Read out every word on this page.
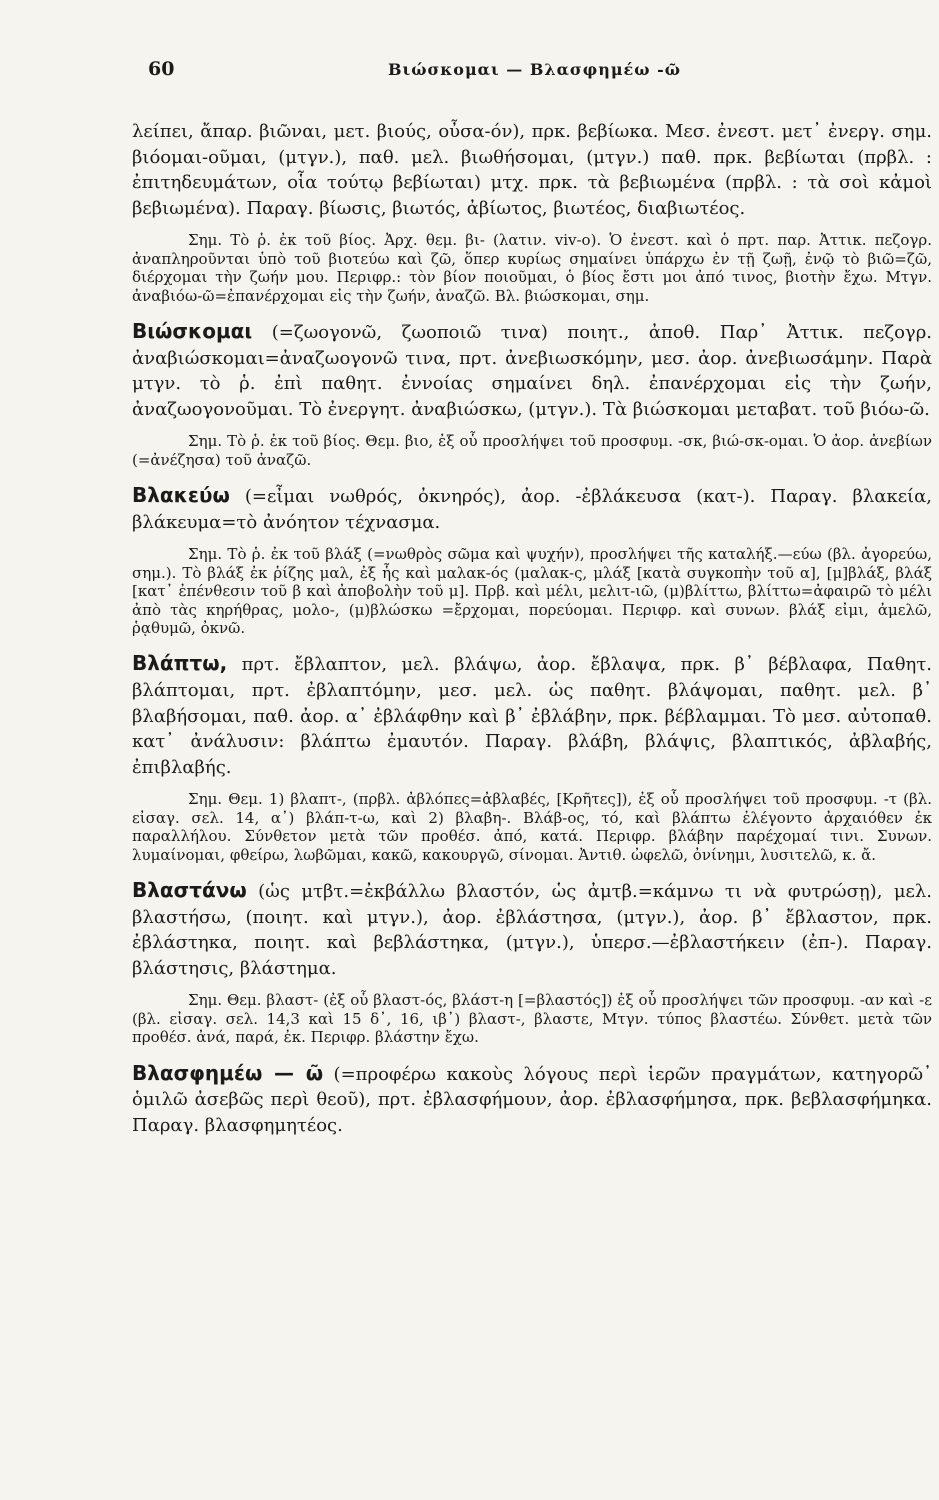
60	Βιώσκομαι — Βλασφημέω -ῶ

λείπει, ἄπαρ. βιῶναι, μετ. βιούς, οὖσα-όν), πρκ. βεβίωκα. Μεσ. ἐνεστ. μετ᾽ ἐνεργ. σημ. βιόομαι-οῦμαι, (μτγν.), παθ. μελ. βιωθήσομαι, (μτγν.) παθ. πρκ. βεβίωται (πρβλ. : ἐπιτηδευμάτων, οἷα τούτῳ βεβίωται) μτχ. πρκ. τὰ βεβιωμένα (πρβλ. : τὰ σοὶ κἀμοὶ βεβιωμένα). Παραγ. βίωσις, βιωτός, ἀβίωτος, βιωτέος, διαβιωτέος.

Σημ. Τὸ ῥ. ἐκ τοῦ βίος. Ἀρχ. θεμ. βι- (λατιν. viv-o). Ὁ ἐνεστ. καὶ ὁ πρτ. παρ. Ἀττικ. πεζογρ. ἀναπληροῦνται ὑπὸ τοῦ βιοτεύω καὶ ζῶ, ὅπερ κυρίως σημαίνει ὑπάρχω ἐν τῇ ζωῇ, ἐνῷ τὸ βιῶ=ζῶ, διέρχομαι τὴν ζωήν μου. Περιφρ.: τὸν βίον ποιοῦμαι, ὁ βίος ἔστι μοι ἀπό τινος, βιοτὴν ἔχω. Μτγν. ἀναβιόω-ῶ=ἐπανέρχομαι εἰς τὴν ζωήν, ἀναζῶ. Βλ. βιώσκομαι, σημ.

Βιώσκομαι (=ζωογονῶ, ζωοποιῶ τινα) ποιητ., ἀποθ. Παρ᾽ Ἀττικ. πεζογρ. ἀναβιώσκομαι=ἀναζωογονῶ τινα, πρτ. ἀνεβιωσκόμην, μεσ. ἀορ. ἀνεβιωσάμην. Παρὰ μτγν. τὸ ῥ. ἐπὶ παθητ. ἐννοίας σημαίνει δηλ. ἐπανέρχομαι εἰς τὴν ζωήν, ἀναζωογονοῦμαι. Τὸ ἐνεργητ. ἀναβιώσκω, (μτγν.). Τὰ βιώσκομαι μεταβατ. τοῦ βιόω-ῶ.

Σημ. Τὸ ῥ. ἐκ τοῦ βίος. Θεμ. βιο, ἐξ οὗ προσλήψει τοῦ προσφυμ. -σκ, βιώ-σκ-ομαι. Ὁ ἀορ. ἀνεβίων (=ἀνέζησα) τοῦ ἀναζῶ.

Βλακεύω (=εἶμαι νωθρός, ὀκνηρός), ἀορ. -ἐβλάκευσα (κατ-). Παραγ. βλακεία, βλάκευμα=τὸ ἀνόητον τέχνασμα.

Σημ. Τὸ ῥ. ἐκ τοῦ βλάξ (=νωθρὸς σῶμα καὶ ψυχήν), προσλήψει τῆς καταλήξ.—εύω (βλ. ἀγορεύω, σημ.). Τὸ βλάξ ἐκ ῥίζης μαλ, ἐξ ἧς καὶ μαλακ-ός (μαλακ-ς, μλάξ [κατὰ συγκοπὴν τοῦ α], [μ]βλάξ, βλάξ [κατ᾽ ἐπένθεσιν τοῦ β καὶ ἀποβολὴν τοῦ μ]. Πρβ. καὶ μέλι, μελιτ-ιῶ, (μ)βλίττω, βλίττω=ἀφαιρῶ τὸ μέλι ἀπὸ τὰς κηρήθρας, μολο-, (μ)βλώσκω =ἔρχομαι, πορεύομαι. Περιφρ. καὶ συνων. βλάξ εἰμι, ἀμελῶ, ῥᾳθυμῶ, ὀκνῶ.

Βλάπτω, πρτ. ἔβλαπτον, μελ. βλάψω, ἀορ. ἔβλαψα, πρκ. β᾽ βέβλαφα, Παθητ. βλάπτομαι, πρτ. ἐβλαπτόμην, μεσ. μελ. ὡς παθητ. βλάψομαι, παθητ. μελ. β᾽ βλαβήσομαι, παθ. ἀορ. α᾽ ἐβλάφθην καὶ β᾽ ἐβλάβην, πρκ. βέβλαμμαι. Τὸ μεσ. αὐτοπαθ. κατ᾽ ἀνάλυσιν: βλάπτω ἐμαυτόν. Παραγ. βλάβη, βλάψις, βλαπτικός, ἀβλαβής, ἐπιβλαβής.

Σημ. Θεμ. 1) βλαπτ-, (πρβλ. ἀβλόπες=ἀβλαβές, [Κρῆτες]), ἐξ οὗ προσλήψει τοῦ προσφυμ. -τ (βλ. εἰσαγ. σελ. 14, α᾽) βλάπ-τ-ω, καὶ 2) βλαβη-. Βλάβ-ος, τό, καὶ βλάπτω ἐλέγοντο ἀρχαιόθεν ἐκ παραλλήλου. Σύνθετον μετὰ τῶν προθέσ. ἀπό, κατά. Περιφρ. βλάβην παρέχομαί τινι. Συνων. λυμαίνομαι, φθείρω, λωβῶμαι, κακῶ, κακουργῶ, σίνομαι. Ἀντιθ. ὠφελῶ, ὀνίνημι, λυσιτελῶ, κ. ἄ.

Βλαστάνω (ὡς μτβτ.=ἐκβάλλω βλαστόν, ὡς ἀμτβ.=κάμνω τι νὰ φυτρώσῃ), μελ. βλαστήσω, (ποιητ. καὶ μτγν.), ἀορ. ἐβλάστησα, (μτγν.), ἀορ. β᾽ ἔβλαστον, πρκ. ἐβλάστηκα, ποιητ. καὶ βεβλάστηκα, (μτγν.), ὑπερσ.—ἐβλαστήκειν (ἐπ-). Παραγ. βλάστησις, βλάστημα.

Σημ. Θεμ. βλαστ- (ἐξ οὗ βλαστ-ός, βλάστ-η [=βλαστός]) ἐξ οὗ προσλήψει τῶν προσφυμ. -αν καὶ -ε (βλ. εἰσαγ. σελ. 14,3 καὶ 15 δ᾽, 16, ιβ᾽) βλαστ-, βλαστε, Μτγν. τύπος βλαστέω. Σύνθετ. μετὰ τῶν προθέσ. ἀνά, παρά, ἐκ. Περιφρ. βλάστην ἔχω.

Βλασφημέω — ῶ (=προφέρω κακοὺς λόγους περὶ ἱερῶν πραγμάτων, κατηγορῶ᾽ ὁμιλῶ ἀσεβῶς περὶ θεοῦ), πρτ. ἐβλασφήμουν, ἀορ. ἐβλασφήμησα, πρκ. βεβλασφήμηκα. Παραγ. βλασφημητέος.
